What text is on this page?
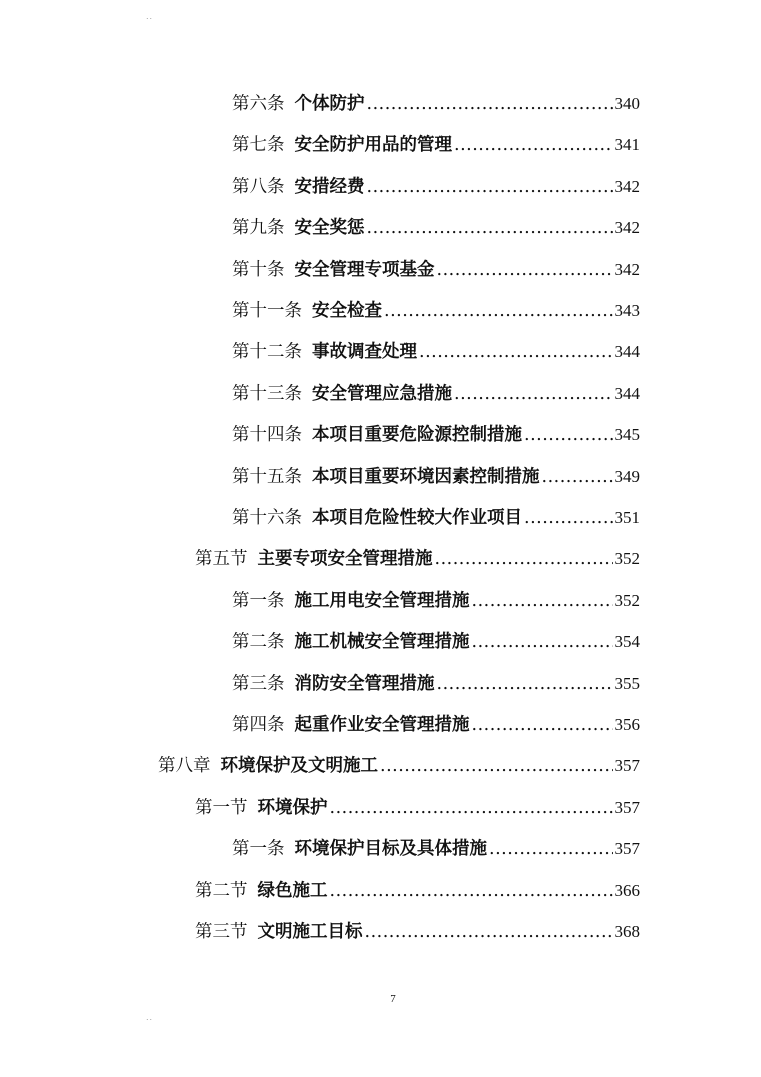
..
第六条 个体防护 .....	340
第七条 安全防护用品的管理 .....	341
第八条 安措经费 .....	342
第九条 安全奖惩 .....	342
第十条 安全管理专项基金 .....	342
第十一条 安全检查 .....	343
第十二条 事故调查处理 .....	344
第十三条 安全管理应急措施 .....	344
第十四条 本项目重要危险源控制措施 .....	345
第十五条 本项目重要环境因素控制措施 .....	349
第十六条 本项目危险性较大作业项目 .....	351
第五节 主要专项安全管理措施 .....	352
第一条 施工用电安全管理措施 .....	352
第二条 施工机械安全管理措施 .....	354
第三条 消防安全管理措施 .....	355
第四条 起重作业安全管理措施 .....	356
第八章 环境保护及文明施工 .....	357
第一节 环境保护 .....	357
第一条 环境保护目标及具体措施 .....	357
第二节 绿色施工 .....	366
第三节 文明施工目标 .....	368
7
..
